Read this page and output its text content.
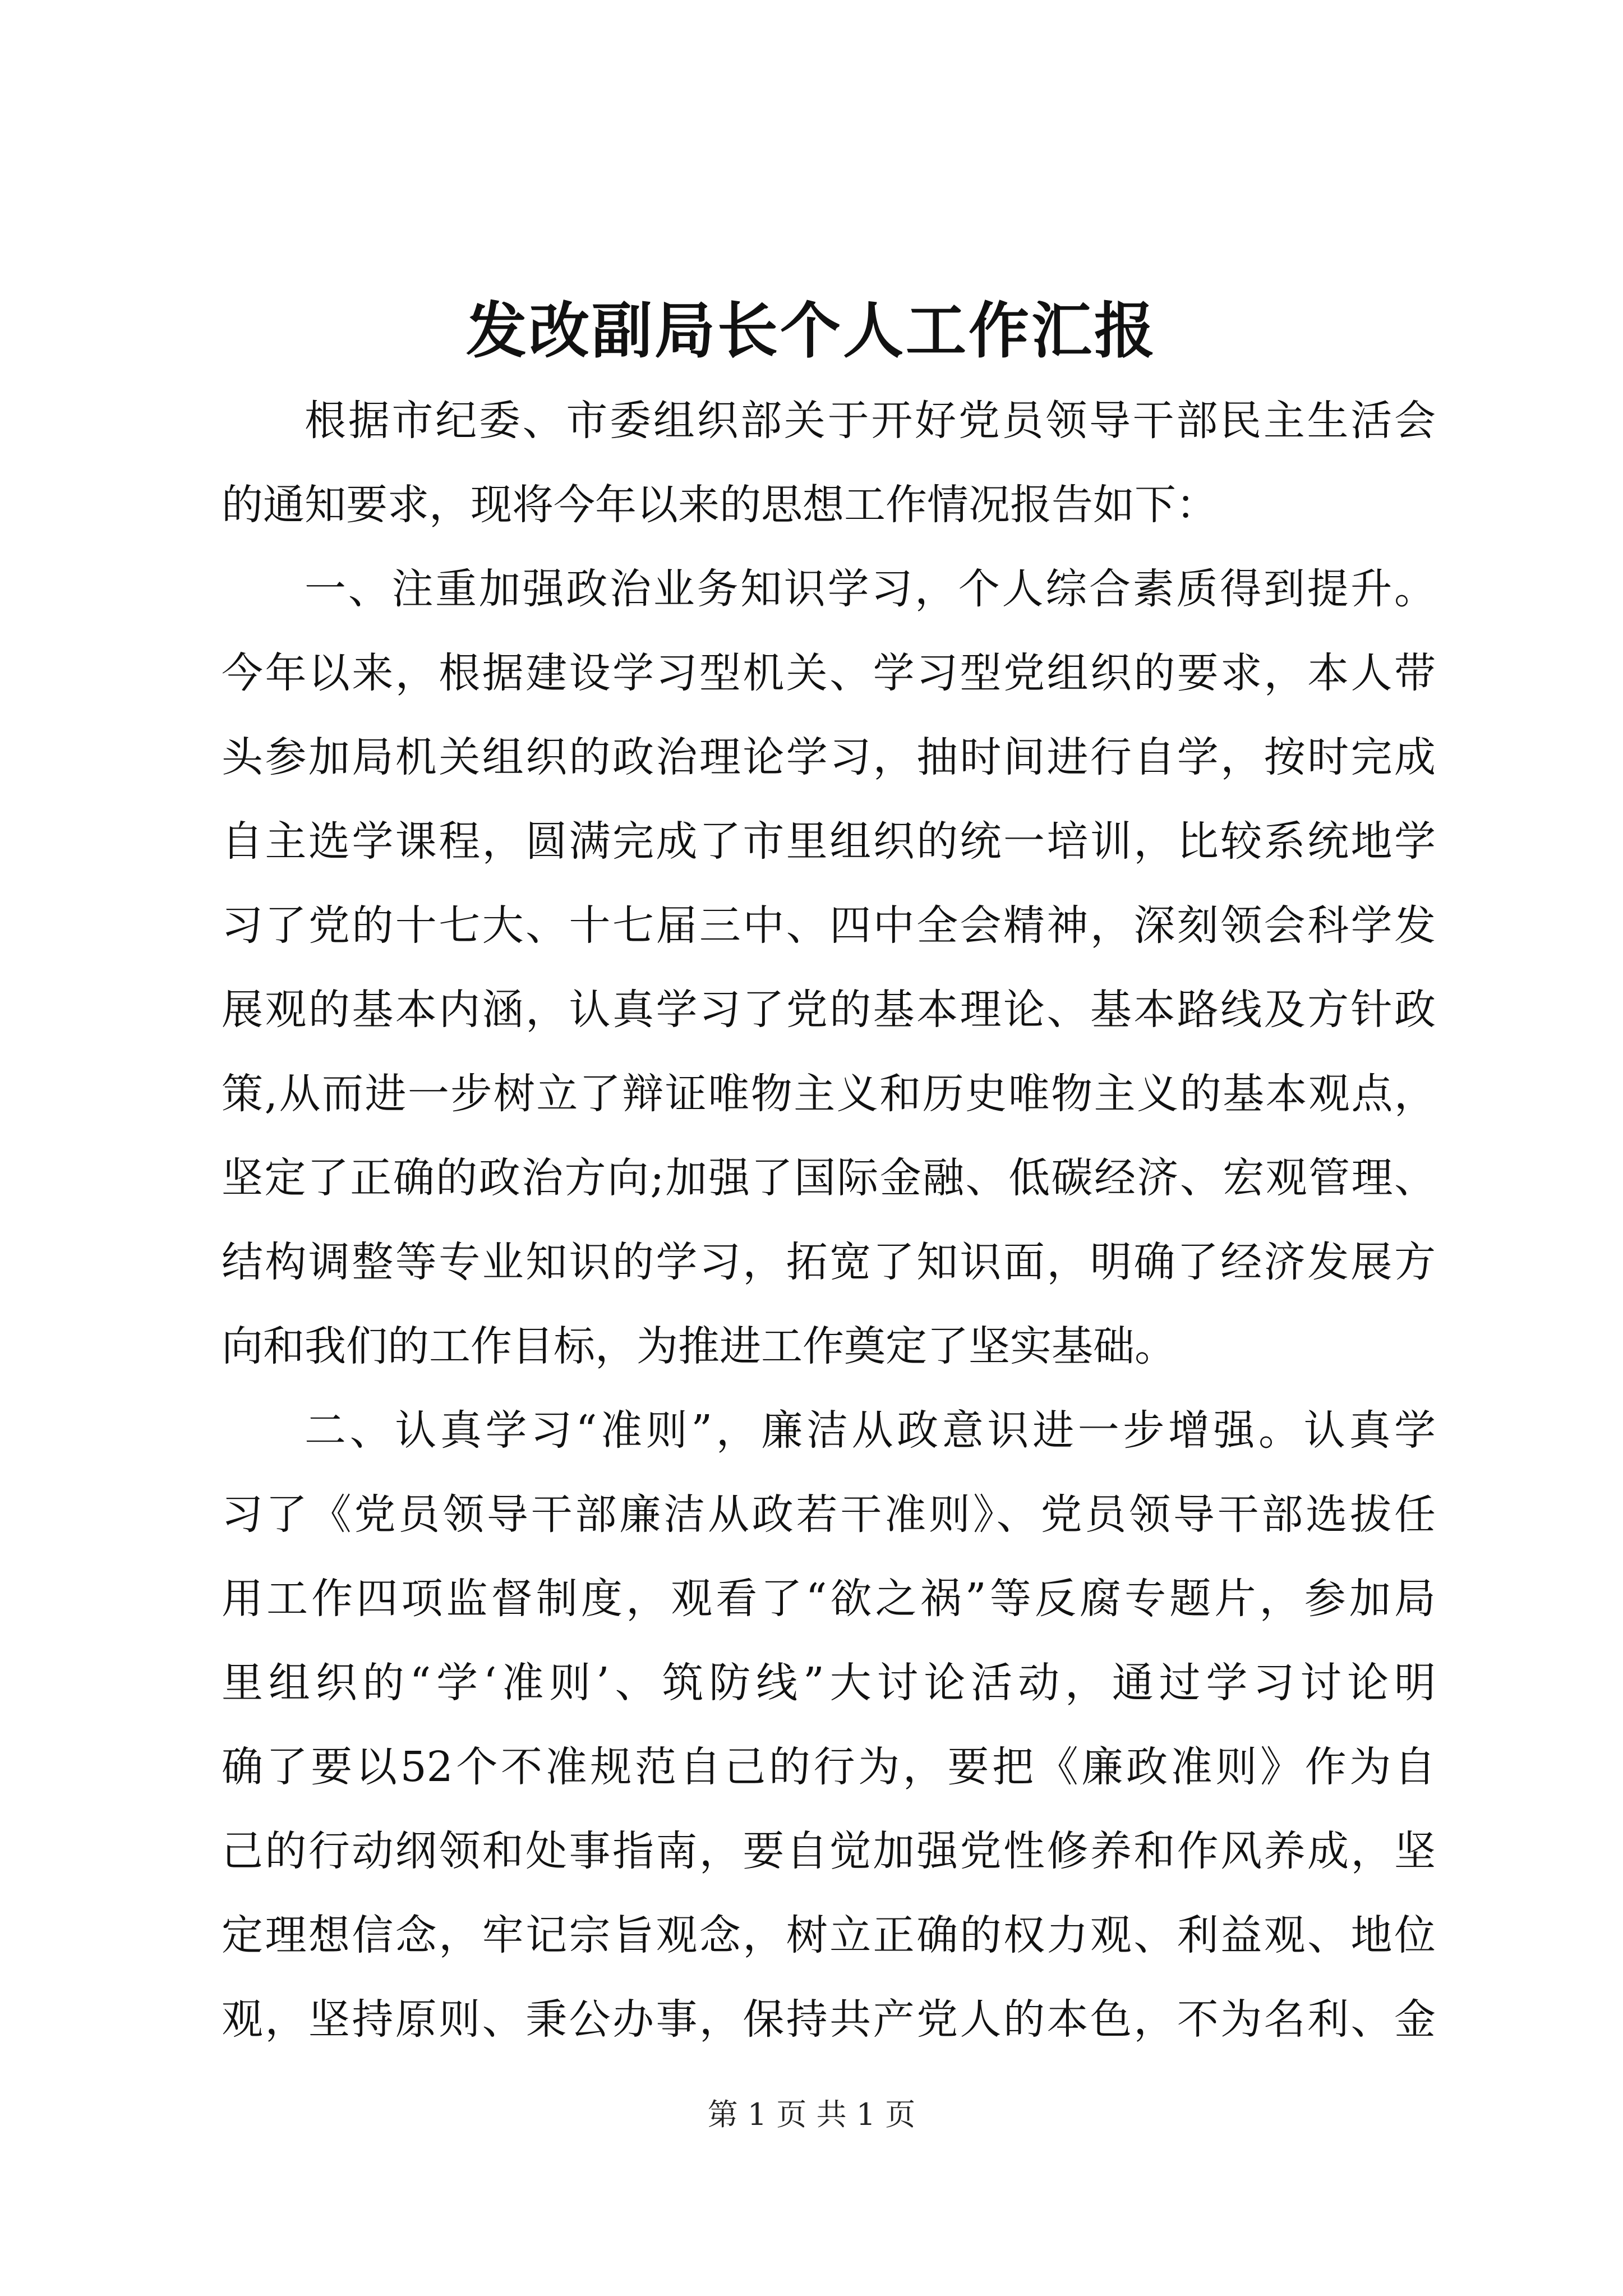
发改副局长个人工作汇报
根据市纪委、市委组织部关于开好党员领导干部民主生活会
的通知要求，现将今年以来的思想工作情况报告如下：
一、注重加强政治业务知识学习，个人综合素质得到提升。
今年以来，根据建设学习型机关、学习型党组织的要求，本人带
头参加局机关组织的政治理论学习，抽时间进行自学，按时完成
自主选学课程，圆满完成了市里组织的统一培训，比较系统地学
习了党的十七大、十七届三中、四中全会精神，深刻领会科学发
展观的基本内涵，认真学习了党的基本理论、基本路线及方针政
策,从而进一步树立了辩证唯物主义和历史唯物主义的基本观点，
坚定了正确的政治方向;加强了国际金融、低碳经济、宏观管理、
结构调整等专业知识的学习，拓宽了知识面，明确了经济发展方
向和我们的工作目标，为推进工作奠定了坚实基础。
二、认真学习“准则”，廉洁从政意识进一步增强。认真学
习了《党员领导干部廉洁从政若干准则》、党员领导干部选拔任
用工作四项监督制度，观看了“欲之祸”等反腐专题片，参加局
里组织的“学‘准则’、筑防线”大讨论活动，通过学习讨论明
确了要以52个不准规范自己的行为，要把《廉政准则》作为自
己的行动纲领和处事指南，要自觉加强党性修养和作风养成，坚
定理想信念，牢记宗旨观念，树立正确的权力观、利益观、地位
观，坚持原则、秉公办事，保持共产党人的本色，不为名利、金
第 1 页 共 1 页
